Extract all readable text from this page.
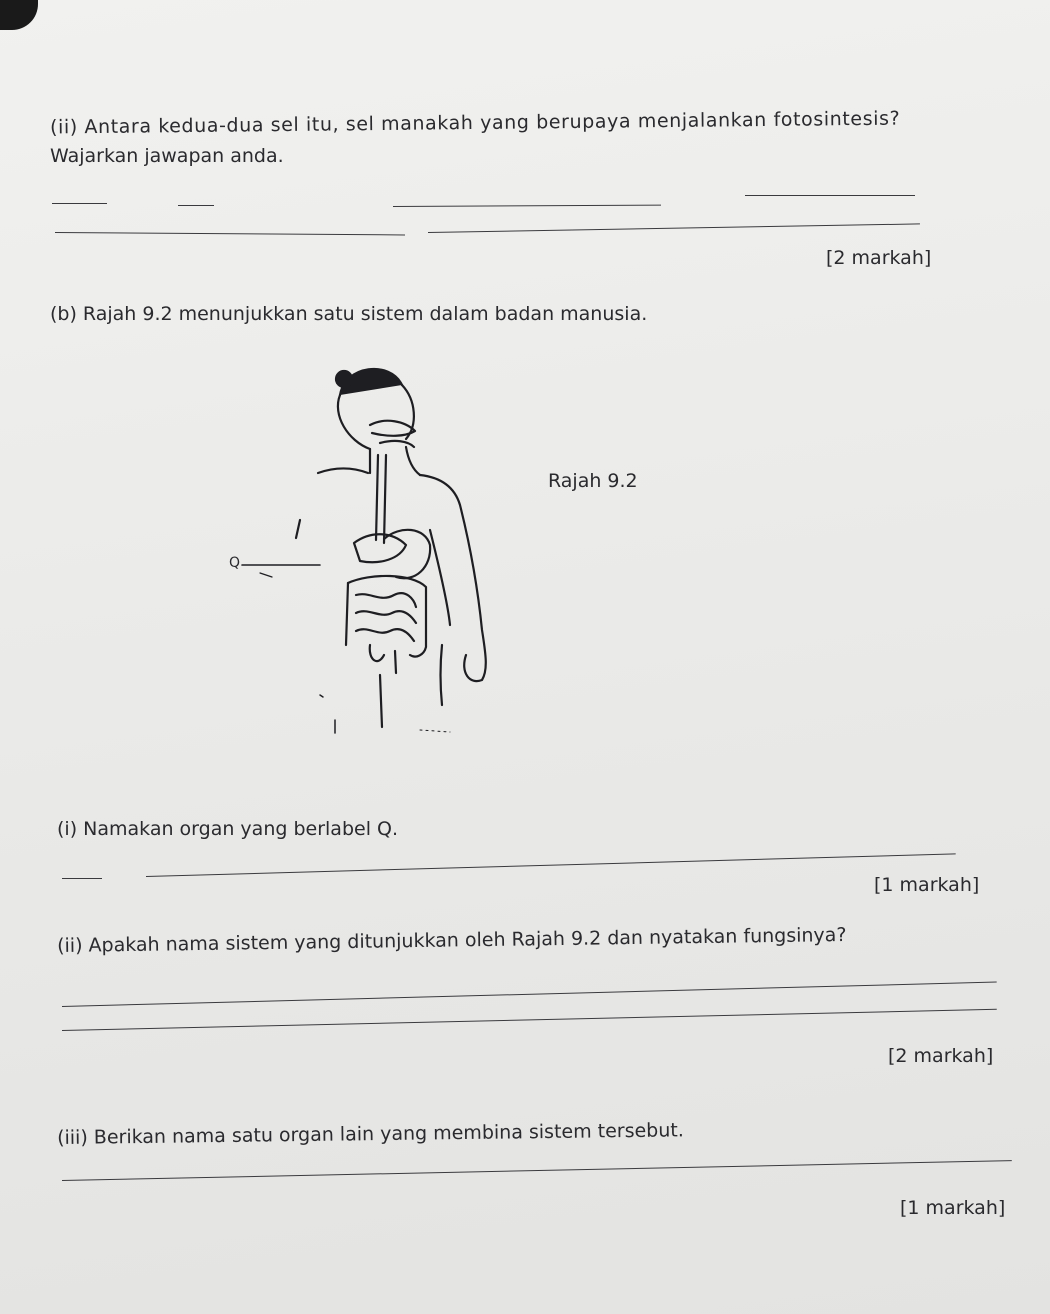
(ii) Antara kedua-dua sel itu, sel manakah yang berupaya menjalankan fotosintesis?
Wajarkan jawapan anda.
[2 markah]
(b) Rajah 9.2 menunjukkan satu sistem dalam badan manusia.
Q
Rajah 9.2
(i) Namakan organ yang berlabel Q.
[1 markah]
(ii) Apakah nama sistem yang ditunjukkan oleh Rajah 9.2 dan nyatakan fungsinya?
[2 markah]
(iii) Berikan nama satu organ lain yang membina sistem tersebut.
[1 markah]
